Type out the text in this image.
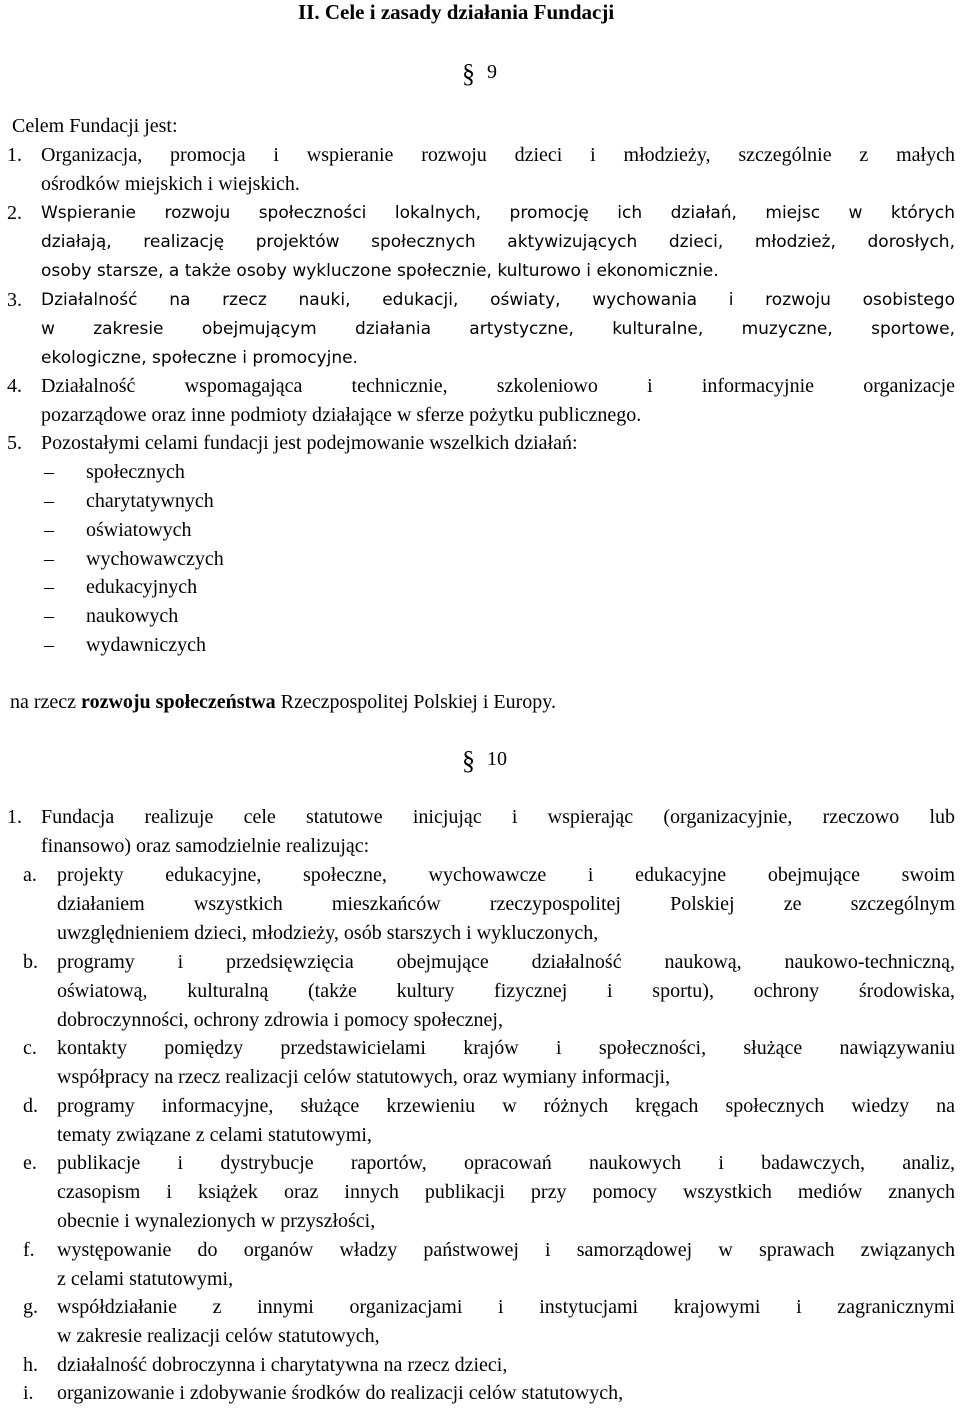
II. Cele i zasady działania Fundacji
§ 9
Celem Fundacji jest:
1. Organizacja, promocja i wspieranie rozwoju dzieci i młodzieży, szczególnie z małych
ośrodków miejskich i wiejskich.
2. Wspieranie rozwoju społeczności lokalnych, promocję ich działań, miejsc w których
działają, realizację projektów społecznych aktywizujących dzieci, młodzież, dorosłych,
osoby starsze, a także osoby wykluczone społecznie, kulturowo i ekonomicznie.
3. Działalność na rzecz nauki, edukacji, oświaty, wychowania i rozwoju osobistego
w zakresie obejmującym działania artystyczne, kulturalne, muzyczne, sportowe,
ekologiczne, społeczne i promocyjne.
4. Działalność wspomagająca technicznie, szkoleniowo i informacyjnie organizacje
pozarządowe oraz inne podmioty działające w sferze pożytku publicznego.
5. Pozostałymi celami fundacji jest podejmowanie wszelkich działań:
– społecznych
– charytatywnych
– oświatowych
– wychowawczych
– edukacyjnych
– naukowych
– wydawniczych
na rzecz rozwoju społeczeństwa Rzeczpospolitej Polskiej i Europy.
§ 10
1. Fundacja realizuje cele statutowe inicjując i wspierając (organizacyjnie, rzeczowo lub
finansowo) oraz samodzielnie realizując:
a. projekty edukacyjne, społeczne, wychowawcze i edukacyjne obejmujące swoim
działaniem wszystkich mieszkańców rzeczypospolitej Polskiej ze szczególnym
uwzględnieniem dzieci, młodzieży, osób starszych i wykluczonych,
b. programy i przedsięwzięcia obejmujące działalność naukową, naukowo-techniczną,
oświatową, kulturalną (także kultury fizycznej i sportu), ochrony środowiska,
dobroczynności, ochrony zdrowia i pomocy społecznej,
c. kontakty pomiędzy przedstawicielami krajów i społeczności, służące nawiązywaniu
współpracy na rzecz realizacji celów statutowych, oraz wymiany informacji,
d. programy informacyjne, służące krzewieniu w różnych kręgach społecznych wiedzy na
tematy związane z celami statutowymi,
e. publikacje i dystrybucje raportów, opracowań naukowych i badawczych, analiz,
czasopism i książek oraz innych publikacji przy pomocy wszystkich mediów znanych
obecnie i wynalezionych w przyszłości,
f. występowanie do organów władzy państwowej i samorządowej w sprawach związanych
z celami statutowymi,
g. współdziałanie z innymi organizacjami i instytucjami krajowymi i zagranicznymi
w zakresie realizacji celów statutowych,
h. działalność dobroczynna i charytatywna na rzecz dzieci,
i. organizowanie i zdobywanie środków do realizacji celów statutowych,
